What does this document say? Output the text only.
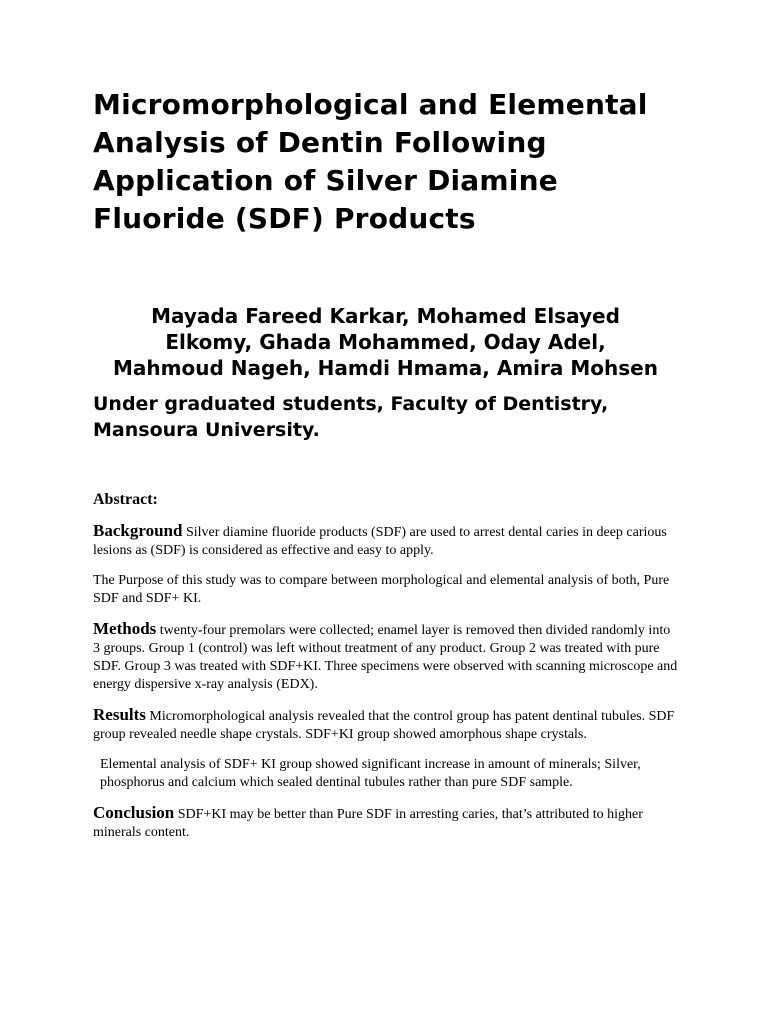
Micromorphological and Elemental Analysis of Dentin Following Application of Silver Diamine Fluoride (SDF) Products

Mayada Fareed Karkar, Mohamed Elsayed Elkomy, Ghada Mohammed, Oday Adel, Mahmoud Nageh, Hamdi Hmama, Amira Mohsen

Under graduated students, Faculty of Dentistry, Mansoura University.

Abstract:

Background Silver diamine fluoride products (SDF) are used to arrest dental caries in deep carious lesions as (SDF) is considered as effective and easy to apply.

The Purpose of this study was to compare between morphological and elemental analysis of both, Pure SDF and SDF+ KI.

Methods twenty-four premolars were collected; enamel layer is removed then divided randomly into 3 groups. Group 1 (control) was left without treatment of any product. Group 2 was treated with pure SDF. Group 3 was treated with SDF+KI. Three specimens were observed with scanning microscope and energy dispersive x-ray analysis (EDX).

Results Micromorphological analysis revealed that the control group has patent dentinal tubules. SDF group revealed needle shape crystals. SDF+KI group showed amorphous shape crystals.

Elemental analysis of SDF+ KI group showed significant increase in amount of minerals; Silver, phosphorus and calcium which sealed dentinal tubules rather than pure SDF sample.

Conclusion SDF+KI may be better than Pure SDF in arresting caries, that’s attributed to higher minerals content.
